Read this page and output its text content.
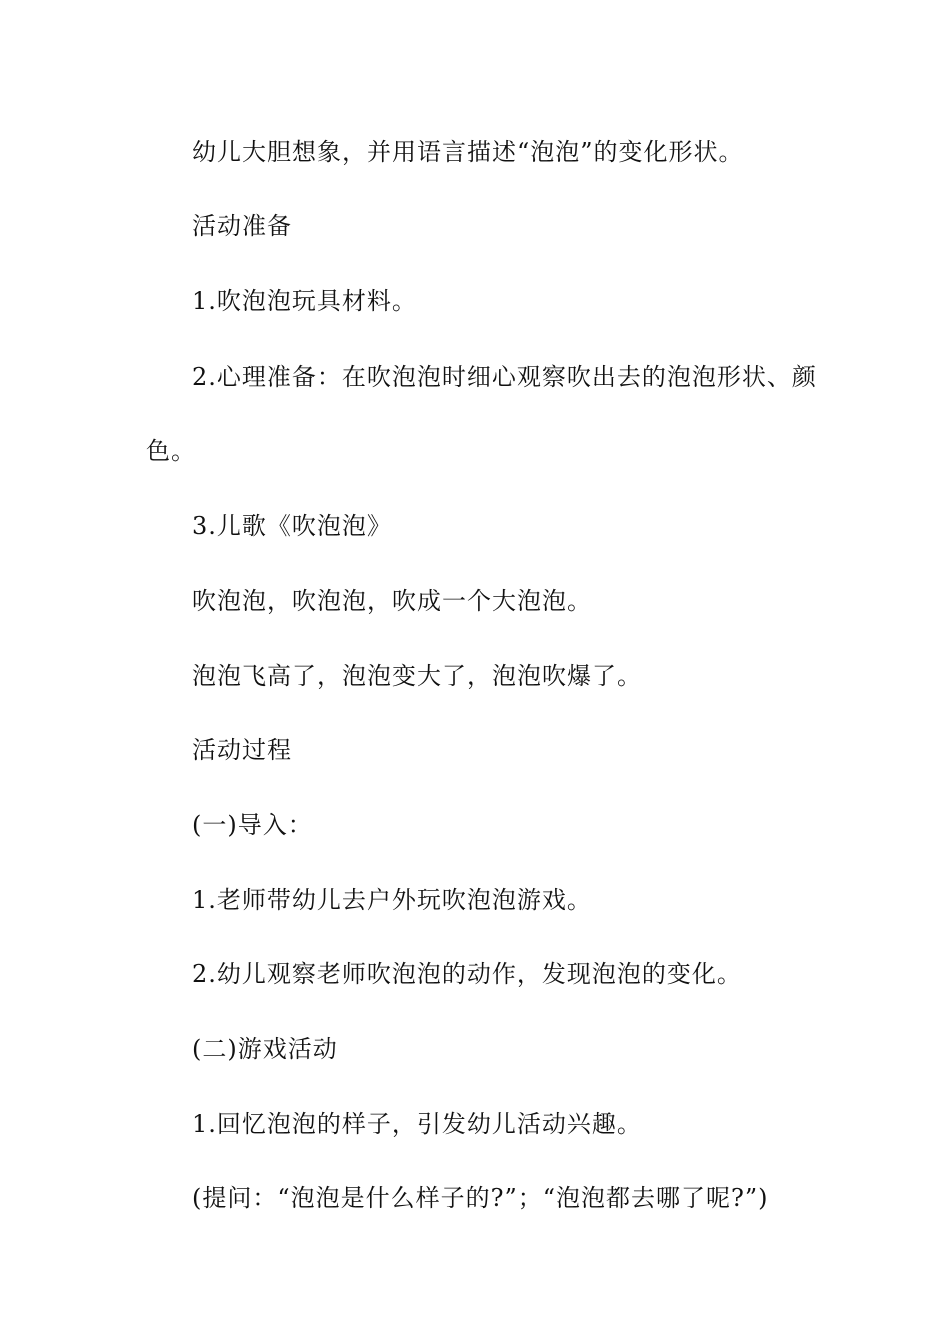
幼儿大胆想象，并用语言描述“泡泡”的变化形状。

活动准备

1.吹泡泡玩具材料。

2.心理准备：在吹泡泡时细心观察吹出去的泡泡形状、颜

色。

3.儿歌《吹泡泡》

吹泡泡，吹泡泡，吹成一个大泡泡。

泡泡飞高了，泡泡变大了，泡泡吹爆了。

活动过程

(一)导入：

1.老师带幼儿去户外玩吹泡泡游戏。

2.幼儿观察老师吹泡泡的动作，发现泡泡的变化。

(二)游戏活动

1.回忆泡泡的样子，引发幼儿活动兴趣。

(提问：“泡泡是什么样子的?”；“泡泡都去哪了呢?”)
